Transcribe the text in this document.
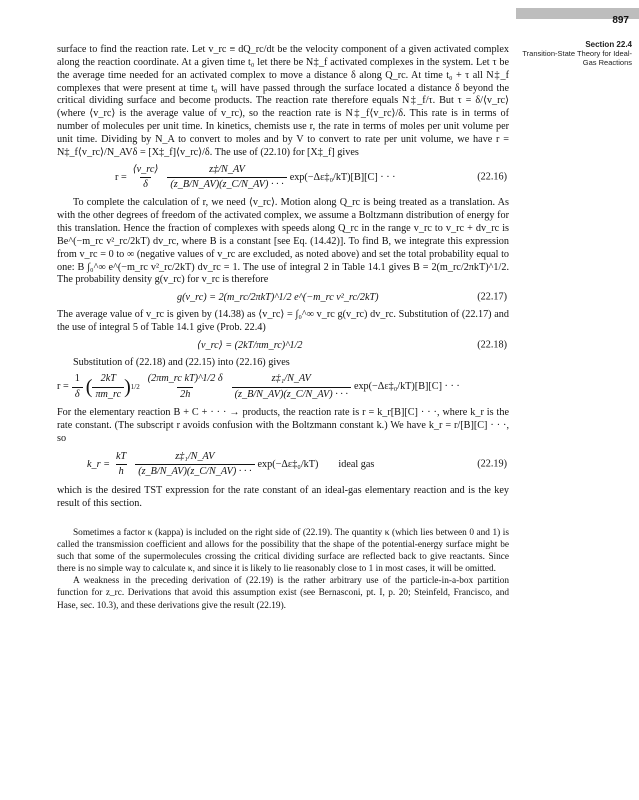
897
Section 22.4
Transition-State Theory for Ideal-Gas Reactions

surface to find the reaction rate. Let v_rc ≡ dQ_rc/dt be the velocity component of a given activated complex along the reaction coordinate. At a given time t₀ let there be N‡_f activated complexes in the system. Let τ be the average time needed for an activated complex to move a distance δ along Q_rc. At time t₀ + τ all N‡_f complexes that were present at time t₀ will have passed through the surface located a distance δ beyond the critical dividing surface and become products. The reaction rate therefore equals N‡_f/τ. But τ = δ/⟨v_rc⟩ (where ⟨v_rc⟩ is the average value of v_rc), so the reaction rate is N‡_f⟨v_rc⟩/δ. This rate is in terms of number of molecules per unit time. In kinetics, chemists use r, the rate in terms of moles per unit volume per unit time. Dividing by N_A to convert to moles and by V to convert to rate per unit volume, we have r = N‡_f⟨v_rc⟩/N_AVδ = [X‡_f]⟨v_rc⟩/δ. The use of (22.10) for [X‡_f] gives

$r = \frac{⟨v\_rc⟩}{\delta} \frac{z\ddagger/N\_AV}{(z\_B/N\_AV)(z\_C/N\_AV) \cdot \cdot \cdot}$ exp(−Δε‡₀/kT)[B][C] · · ·	(22.16)

To complete the calculation of r, we need ⟨v_rc⟩. Motion along Q_rc is being treated as a translation. As with the other degrees of freedom of the activated complex, we assume a Boltzmann distribution of energy for this translation. Hence the fraction of complexes with speeds along Q_rc in the range v_rc to v_rc + dv_rc is Be^(−m_rc v²_rc/2kT) dv_rc, where B is a constant [see Eq. (14.42)]. To find B, we integrate this expression from v_rc = 0 to ∞ (negative values of v_rc are excluded, as noted above) and set the total probability equal to one: B ∫₀^∞ e^(−m_rc v²_rc/2kT) dv_rc = 1. The use of integral 2 in Table 14.1 gives B = 2(m_rc/2πkT)^1/2. The probability density g(v_rc) for v_rc is therefore

g(v_rc) = 2(m_rc/2πkT)^1/2 e^(−m_rc v²_rc/2kT)	(22.17)

The average value of v_rc is given by (14.38) as ⟨v_rc⟩ = ∫₀^∞ v_rc g(v_rc) dv_rc. Substitution of (22.17) and the use of integral 5 of Table 14.1 give (Prob. 22.4)

⟨v_rc⟩ = (2kT/πm_rc)^1/2	(22.18)

Substitution of (22.18) and (22.15) into (22.16) gives

$r = \frac{1}{\delta}$ ( $\frac{2kT}{\pi m\_rc}$ ) $1/2 \frac{\text{(2πm\_rc kT)\textasciicircum{}1/2 δ}}{2h} \frac{\text{z‡₁/N\_AV}}{(z\_B/N\_AV)(z\_C/N\_AV) \cdot \cdot \cdot}$ exp(−Δε‡₀/kT)[B][C] · · ·

For the elementary reaction B + C + · · · → products, the reaction rate is r = k_r[B][C] · · ·, where k_r is the rate constant. (The subscript r avoids confusion with the Boltzmann constant k.) We have k_r = r/[B][C] · · ·, so

k_r = $\frac{kT}{h} \frac{\text{z‡₁/N\_AV}}{(z\_B/N\_AV)(z\_C/N\_AV) \cdot \cdot \cdot}$ exp(−Δε‡₀/kT) ideal gas	(22.19)

which is the desired TST expression for the rate constant of an ideal-gas elementary reaction and is the key result of this section.

Sometimes a factor κ (kappa) is included on the right side of (22.19). The quantity κ (which lies between 0 and 1) is called the transmission coefficient and allows for the possibility that the shape of the potential-energy surface might be such that some of the supermolecules crossing the critical dividing surface are reflected back to give reactants. Since there is no simple way to calculate κ, and since it is likely to lie reasonably close to 1 in most cases, it will be omitted.

A weakness in the preceding derivation of (22.19) is the rather arbitrary use of the particle-in-a-box partition function for z_rc. Derivations that avoid this assumption exist (see Bernasconi, pt. I, p. 20; Steinfeld, Francisco, and Hase, sec. 10.3), and these derivations give the result (22.19).
